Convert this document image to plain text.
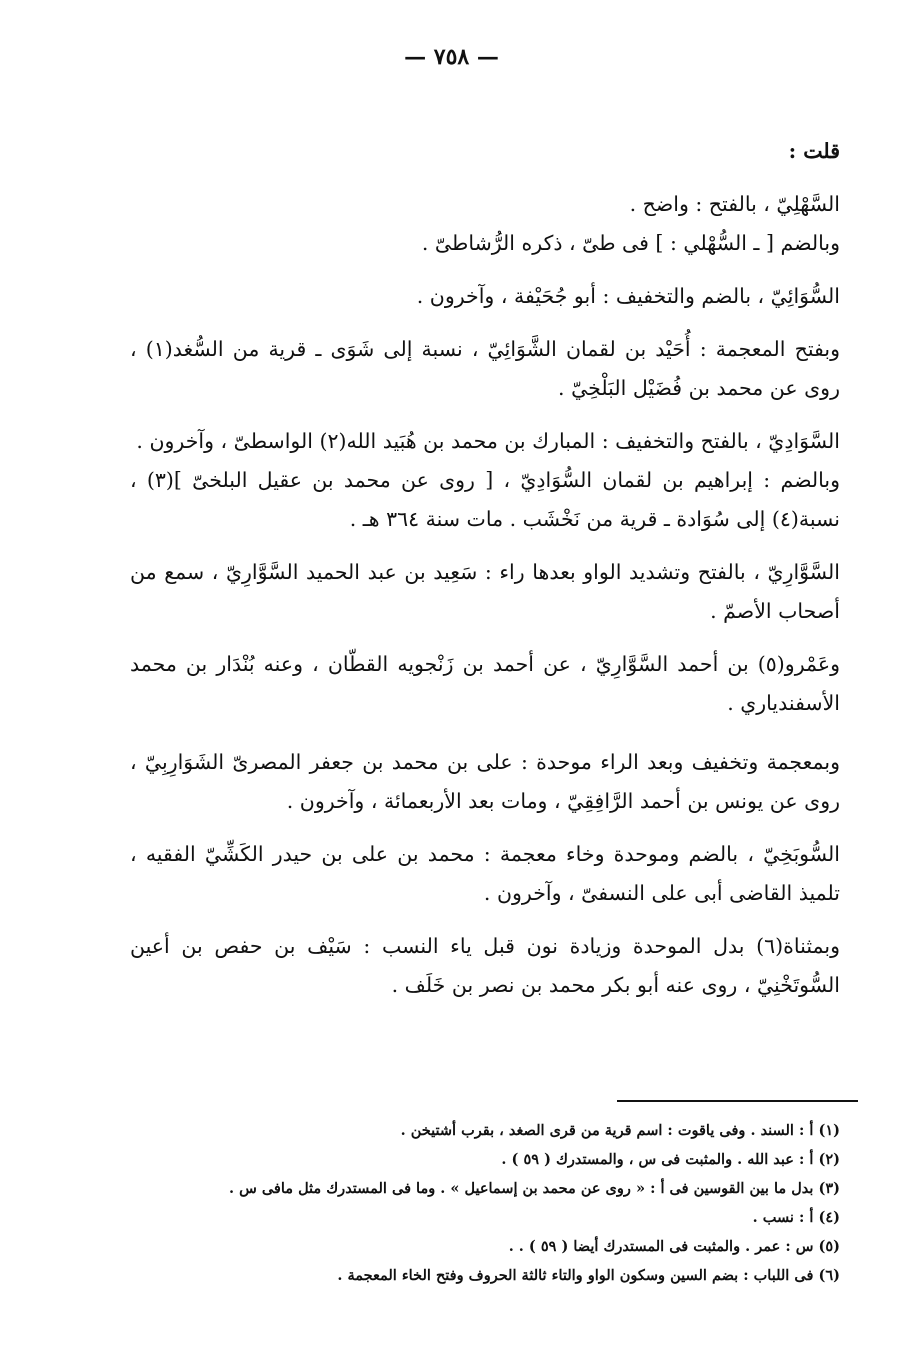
— ٧٥٨ —

قلت :

السَّهْلِيّ ، بالفتح : واضح .

وبالضم [ ـ السُّهْلي : ] فى طىّ ، ذكره الرُّشاطىّ .

السُّوَائِيّ ، بالضم والتخفيف : أبو جُحَيْفة ، وآخرون .

وبفتح المعجمة : أُحَيْد بن لقمان الشَّوَائِيّ ، نسبة إلى شَوَى ـ قرية من السُّغد(١) ، روى عن محمد بن فُضَيْل البَلْخِيّ .

السَّوَادِيّ ، بالفتح والتخفيف : المبارك بن محمد بن هُبَيد الله(٢) الواسطىّ ، وآخرون .

وبالضم : إبراهيم بن لقمان السُّوَادِيّ ، [ روى عن محمد بن عقيل البلخىّ ](٣) ، نسبة(٤) إلى سُوَادة ـ قرية من نَخْشَب . مات سنة ٣٦٤ هـ .

السَّوَّارِيّ ، بالفتح وتشديد الواو بعدها راء : سَعِيد بن عبد الحميد السَّوَّارِيّ ، سمع من أصحاب الأصمّ .

وعَمْرو(٥) بن أحمد السَّوَّارِيّ ، عن أحمد بن زَنْجويه القطّان ، وعنه بُنْدَار بن محمد الأسفندياري .

وبمعجمة وتخفيف وبعد الراء موحدة : على بن محمد بن جعفر المصرىّ الشَوَارِبِيّ ، روى عن يونس بن أحمد الرَّافِقِيّ ، ومات بعد الأربعمائة ، وآخرون .

السُّوبَخِيّ ، بالضم وموحدة وخاء معجمة : محمد بن على بن حيدر الكَشِّيّ الفقيه ، تلميذ القاضى أبى على النسفىّ ، وآخرون .

وبمثناة(٦) بدل الموحدة وزيادة نون قبل ياء النسب : سَيْف بن حفص بن أعين السُّوتَخْنِيّ ، روى عنه أبو بكر محمد بن نصر بن خَلَف .

(١) أ : السند . وفى ياقوت : اسم قرية من قرى الصغد ، بقرب أشتيخن .
(٢) أ : عبد الله . والمثبت فى س ، والمستدرك ( ٥٩ ) .
(٣) بدل ما بين القوسين فى أ : « روى عن محمد بن إسماعيل » . وما فى المستدرك مثل مافى س .
(٤) أ : نسب .
(٥) س : عمر . والمثبت فى المستدرك أيضا ( ٥٩ ) . .
(٦) فى اللباب : بضم السين وسكون الواو والتاء ثالثة الحروف وفتح الخاء المعجمة .
